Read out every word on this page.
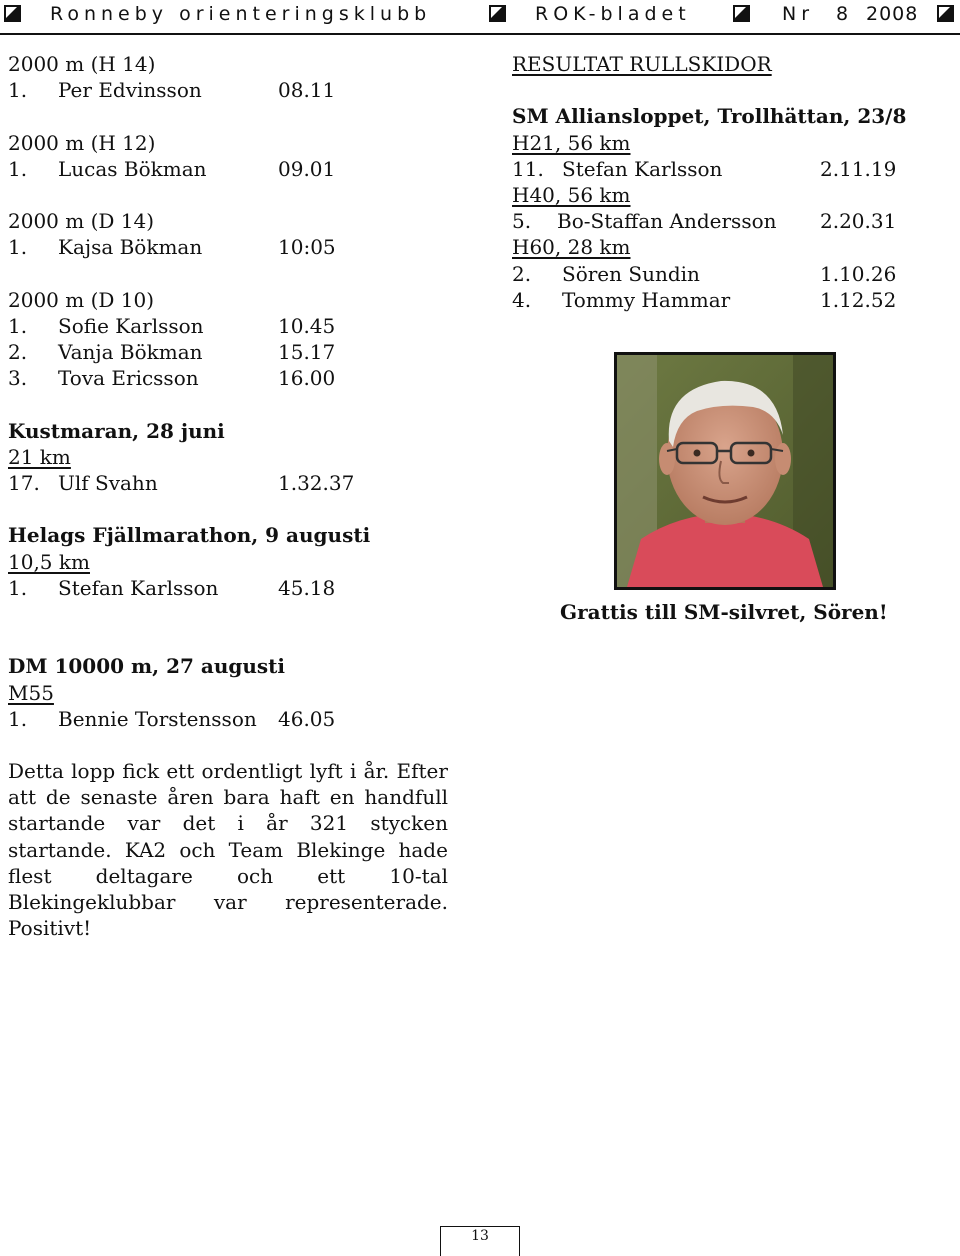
Ronneby orienteringsklubb	ROK-bladet	Nr 8 2008
2000 m (H 14)
1. Per Edvinsson	08.11
2000 m (H 12)
1. Lucas Bökman	09.01
2000 m (D 14)
1. Kajsa Bökman	10:05
2000 m (D 10)
1. Sofie Karlsson	10.45
2. Vanja Bökman	15.17
3. Tova Ericsson	16.00
Kustmaran, 28 juni
21 km
17. Ulf Svahn	1.32.37
Helags Fjällmarathon, 9 augusti
10,5 km
1. Stefan Karlsson	45.18
DM 10000 m, 27 augusti
M55
1. Bennie Torstensson 46.05
Detta lopp fick ett ordentligt lyft i år. Efter
att de senaste åren bara haft en handfull
startande var det i år 321 stycken
startande. KA2 och Team Blekinge hade
flest deltagare och ett 10-tal
Blekingeklubbar var representerade.
Positivt!
RESULTAT RULLSKIDOR
SM Alliansloppet, Trollhättan, 23/8
H21, 56 km
11. Stefan Karlsson	2.11.19
H40, 56 km
5. Bo-Staffan Andersson 2.20.31
H60, 28 km
2. Sören Sundin	1.10.26
4. Tommy Hammar	1.12.52
Grattis till SM-silvret, Sören!
13
